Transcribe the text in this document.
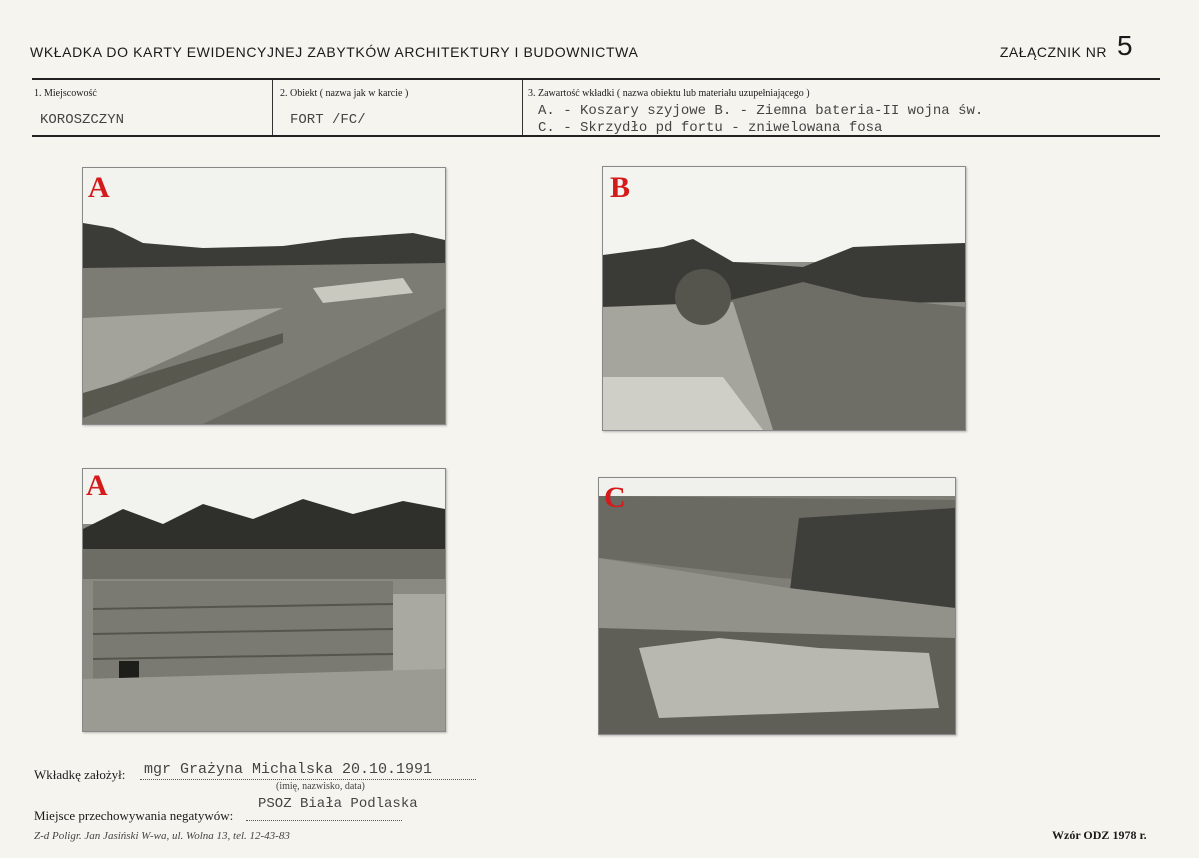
WKŁADKA DO KARTY EWIDENCYJNEJ ZABYTKÓW ARCHITEKTURY I BUDOWNICTWA	ZAŁĄCZNIK NR 5
1. Miejscowość
KOROSZCZYN
2. Obiekt ( nazwa jak w karcie )
FORT /FC/
3. Zawartość wkładki ( nazwa obiektu lub materiału uzupełniającego )
A. - Koszary szyjowe B. - Ziemna bateria-II wojna św.
C. - Skrzydło pd fortu - zniwelowana fosa
A	B
A	C
Wkładkę założył: mgr Grażyna Michalska 20.10.1991
(imię, nazwisko, data)
Miejsce przechowywania negatywów:
PSOZ Biała Podlaska
Z-d Poligr. Jan Jasiński W-wa, ul. Wolna 13, tel. 12-43-83	Wzór ODZ 1978 r.
